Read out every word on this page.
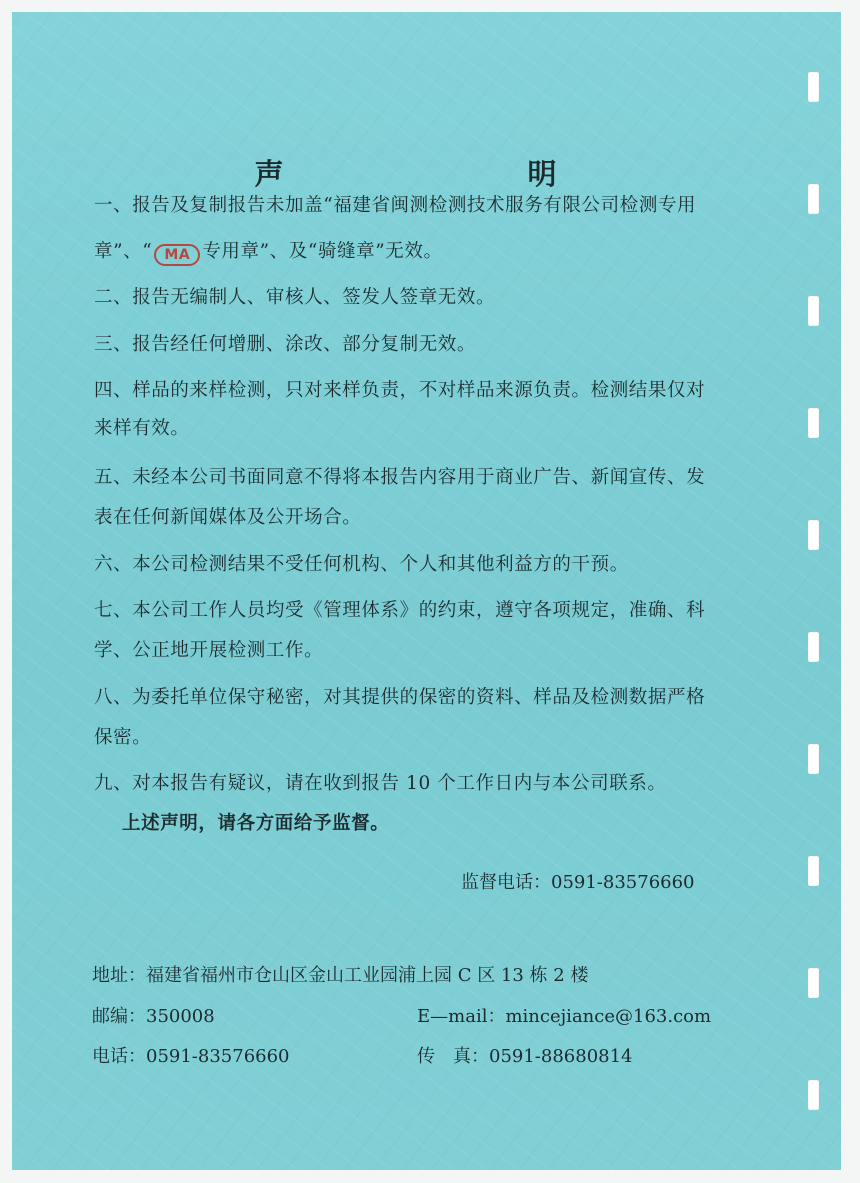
声　　明
一、报告及复制报告未加盖“福建省闽测检测技术服务有限公司检测专用
章”、“ MA 专用章”、及“骑缝章”无效。
二、报告无编制人、审核人、签发人签章无效。
三、报告经任何增删、涂改、部分复制无效。
四、样品的来样检测，只对来样负责，不对样品来源负责。检测结果仅对
来样有效。
五、未经本公司书面同意不得将本报告内容用于商业广告、新闻宣传、发
表在任何新闻媒体及公开场合。
六、本公司检测结果不受任何机构、个人和其他利益方的干预。
七、本公司工作人员均受《管理体系》的约束，遵守各项规定，准确、科
学、公正地开展检测工作。
八、为委托单位保守秘密，对其提供的保密的资料、样品及检测数据严格
保密。
九、对本报告有疑议，请在收到报告 10 个工作日内与本公司联系。
上述声明，请各方面给予监督。
监督电话：0591-83576660
地址：福建省福州市仓山区金山工业园浦上园 C 区 13 栋 2 楼
邮编：350008	E—mail：mincejiance@163.com
电话：0591-83576660	传　真：0591-88680814
